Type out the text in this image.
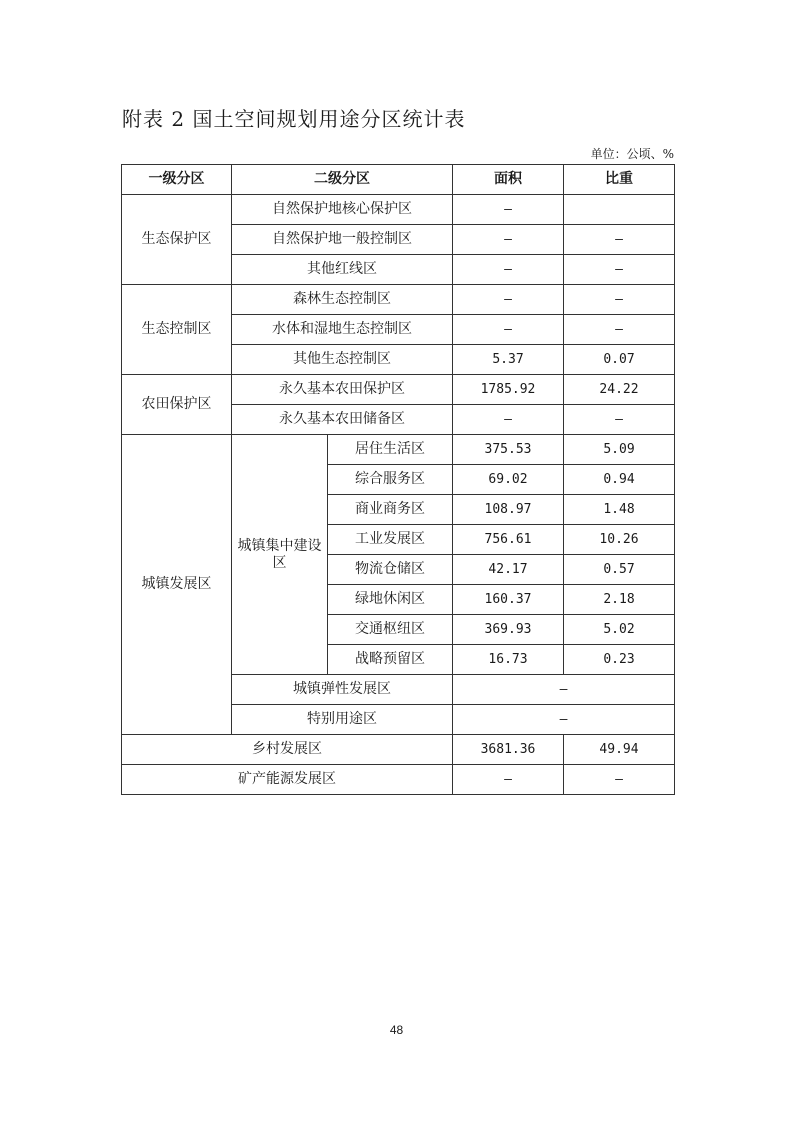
附表 2 国土空间规划用途分区统计表
单位：公顷、%
一级分区	二级分区		面积	比重
生态保护区	自然保护地核心保护区		–	
	自然保护地一般控制区		–	–
	其他红线区		–	–
生态控制区	森林生态控制区		–	–
	水体和湿地生态控制区		–	–
	其他生态控制区		5.37	0.07
农田保护区	永久基本农田保护区		1785.92	24.22
	永久基本农田储备区		–	–
城镇发展区	城镇集中建设区	居住生活区	375.53	5.09
		综合服务区	69.02	0.94
		商业商务区	108.97	1.48
		工业发展区	756.61	10.26
		物流仓储区	42.17	0.57
		绿地休闲区	160.37	2.18
		交通枢纽区	369.93	5.02
		战略预留区	16.73	0.23
	城镇弹性发展区		–	
	特别用途区		–	
乡村发展区			3681.36	49.94
矿产能源发展区			–	–
48
